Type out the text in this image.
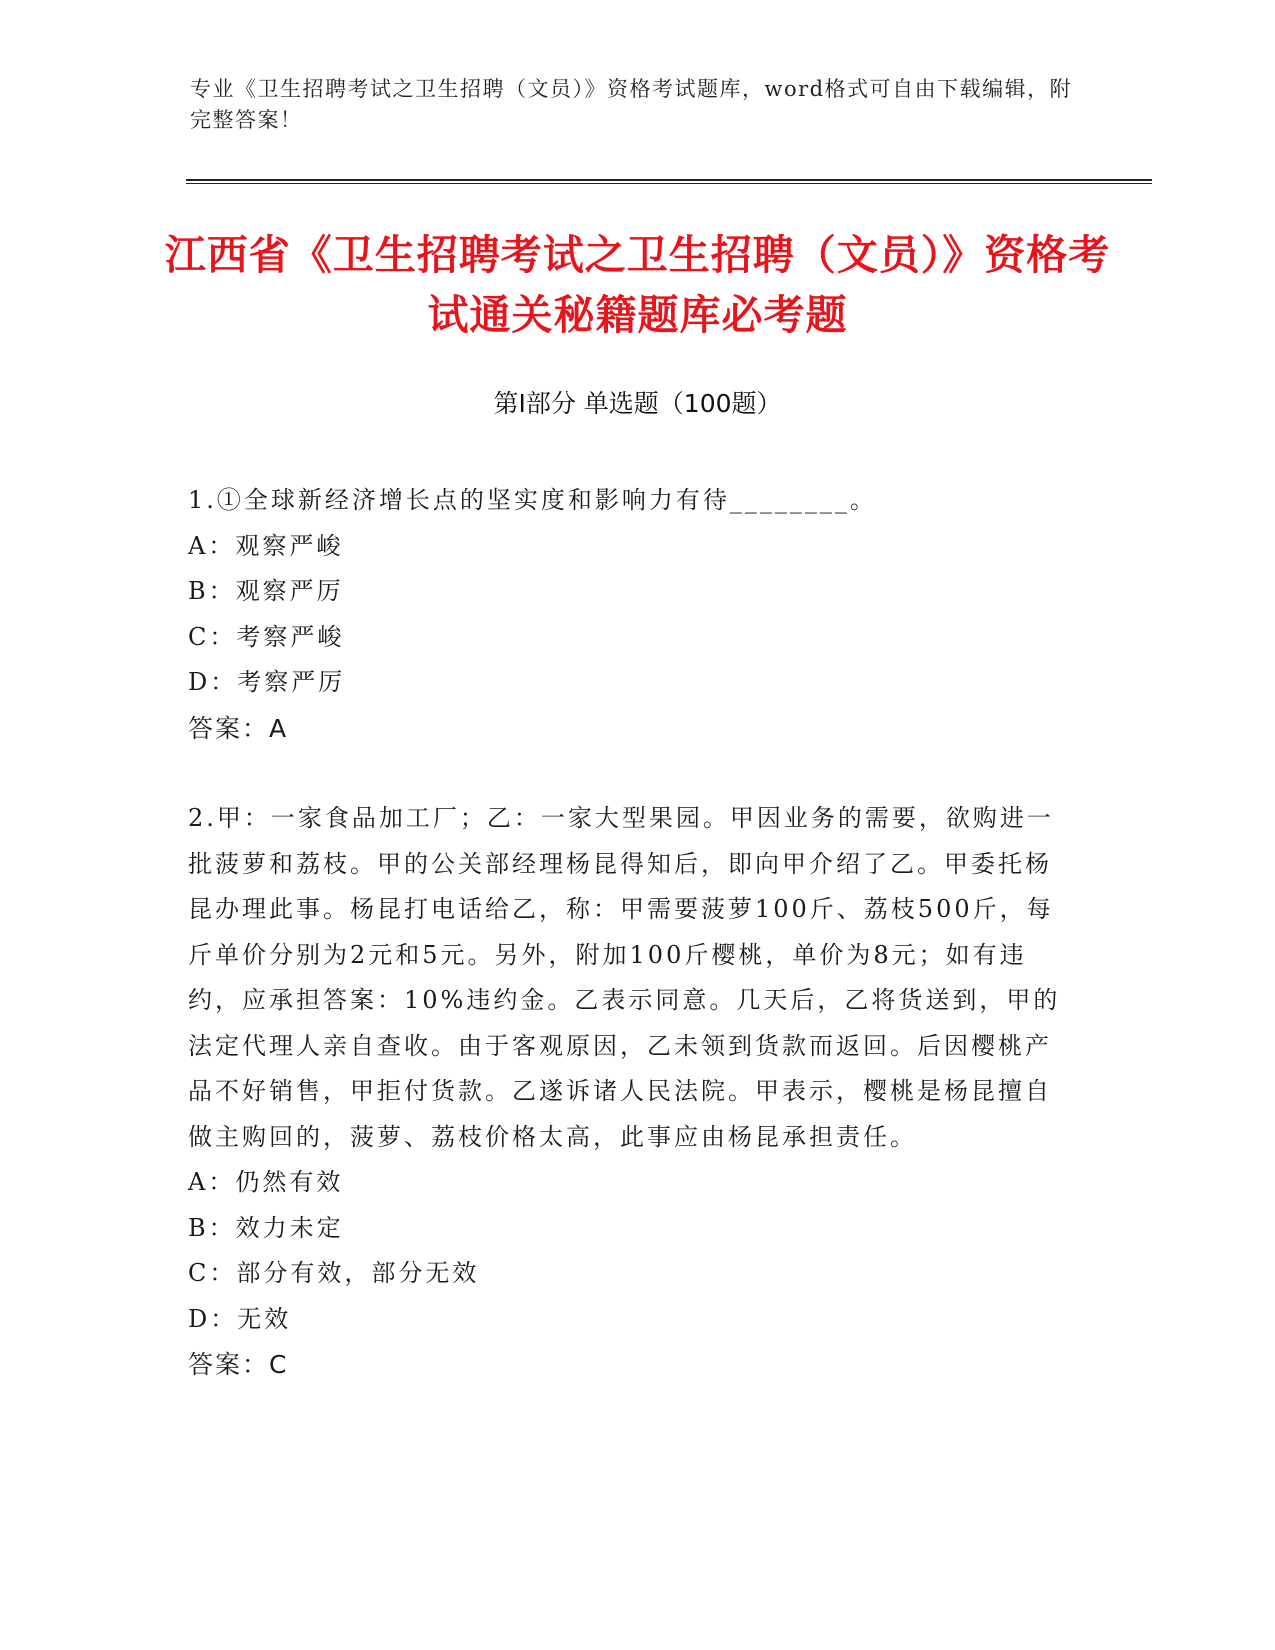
专业《卫生招聘考试之卫生招聘（文员）》资格考试题库，word格式可自由下载编辑，附完整答案！
江西省《卫生招聘考试之卫生招聘（文员）》资格考试通关秘籍题库必考题
第Ⅰ部分 单选题（100题）

1.①全球新经济增长点的坚实度和影响力有待________。

A：观察严峻

B：观察严厉

C：考察严峻

D：考察严厉

答案：A

2.甲：一家食品加工厂；乙：一家大型果园。甲因业务的需要，欲购进一批菠萝和荔枝。甲的公关部经理杨昆得知后，即向甲介绍了乙。甲委托杨昆办理此事。杨昆打电话给乙，称：甲需要菠萝100斤、荔枝500斤，每斤单价分别为2元和5元。另外，附加100斤樱桃，单价为8元；如有违约，应承担答案：10%违约金。乙表示同意。几天后，乙将货送到，甲的法定代理人亲自查收。由于客观原因，乙未领到货款而返回。后因樱桃产品不好销售，甲拒付货款。乙遂诉诸人民法院。甲表示，樱桃是杨昆擅自做主购回的，菠萝、荔枝价格太高，此事应由杨昆承担责任。

A：仍然有效

B：效力未定

C：部分有效，部分无效

D：无效

答案：C
